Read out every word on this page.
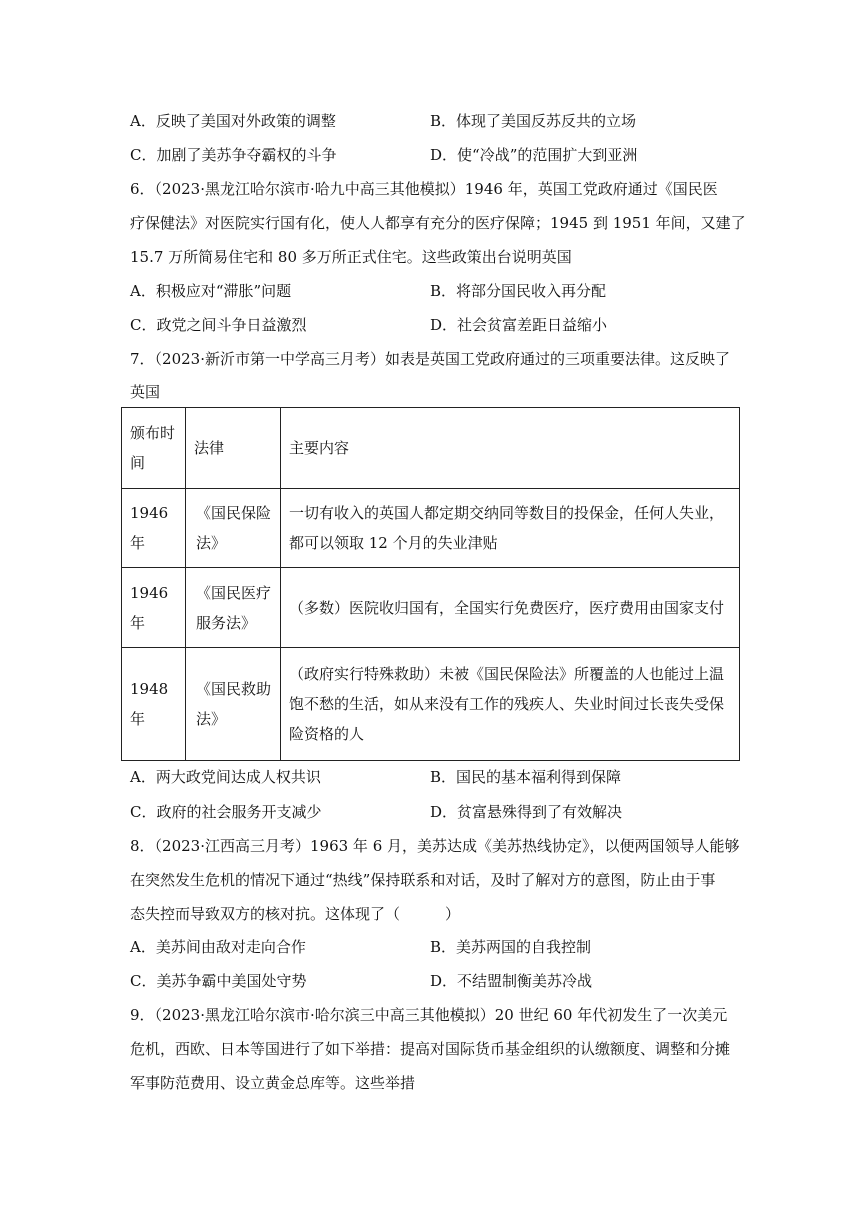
A．反映了美国对外政策的调整	B．体现了美国反苏反共的立场
C．加剧了美苏争夺霸权的斗争	D．使“冷战”的范围扩大到亚洲
6．（2023·黑龙江哈尔滨市·哈九中高三其他模拟）1946 年，英国工党政府通过《国民医
疗保健法》对医院实行国有化，使人人都享有充分的医疗保障；1945 到 1951 年间，又建了
15.7 万所简易住宅和 80 多万所正式住宅。这些政策出台说明英国
A．积极应对“滞胀”问题	B．将部分国民收入再分配
C．政党之间斗争日益激烈	D．社会贫富差距日益缩小
7．（2023·新沂市第一中学高三月考）如表是英国工党政府通过的三项重要法律。这反映了
英国
颁布时间	法律	主要内容
1946 年	《国民保险法》	一切有收入的英国人都定期交纳同等数目的投保金，任何人失业，都可以领取 12 个月的失业津贴
1946 年	《国民医疗服务法》	（多数）医院收归国有，全国实行免费医疗，医疗费用由国家支付
1948 年	《国民救助法》	（政府实行特殊救助）未被《国民保险法》所覆盖的人也能过上温饱不愁的生活，如从来没有工作的残疾人、失业时间过长丧失受保险资格的人
A．两大政党间达成人权共识	B．国民的基本福利得到保障
C．政府的社会服务开支减少	D．贫富悬殊得到了有效解决
8．（2023·江西高三月考）1963 年 6 月，美苏达成《美苏热线协定》，以便两国领导人能够
在突然发生危机的情况下通过“热线”保持联系和对话，及时了解对方的意图，防止由于事
态失控而导致双方的核对抗。这体现了（　　　）
A．美苏间由敌对走向合作	B．美苏两国的自我控制
C．美苏争霸中美国处守势	D．不结盟制衡美苏冷战
9．（2023·黑龙江哈尔滨市·哈尔滨三中高三其他模拟）20 世纪 60 年代初发生了一次美元
危机，西欧、日本等国进行了如下举措：提高对国际货币基金组织的认缴额度、调整和分摊
军事防范费用、设立黄金总库等。这些举措
